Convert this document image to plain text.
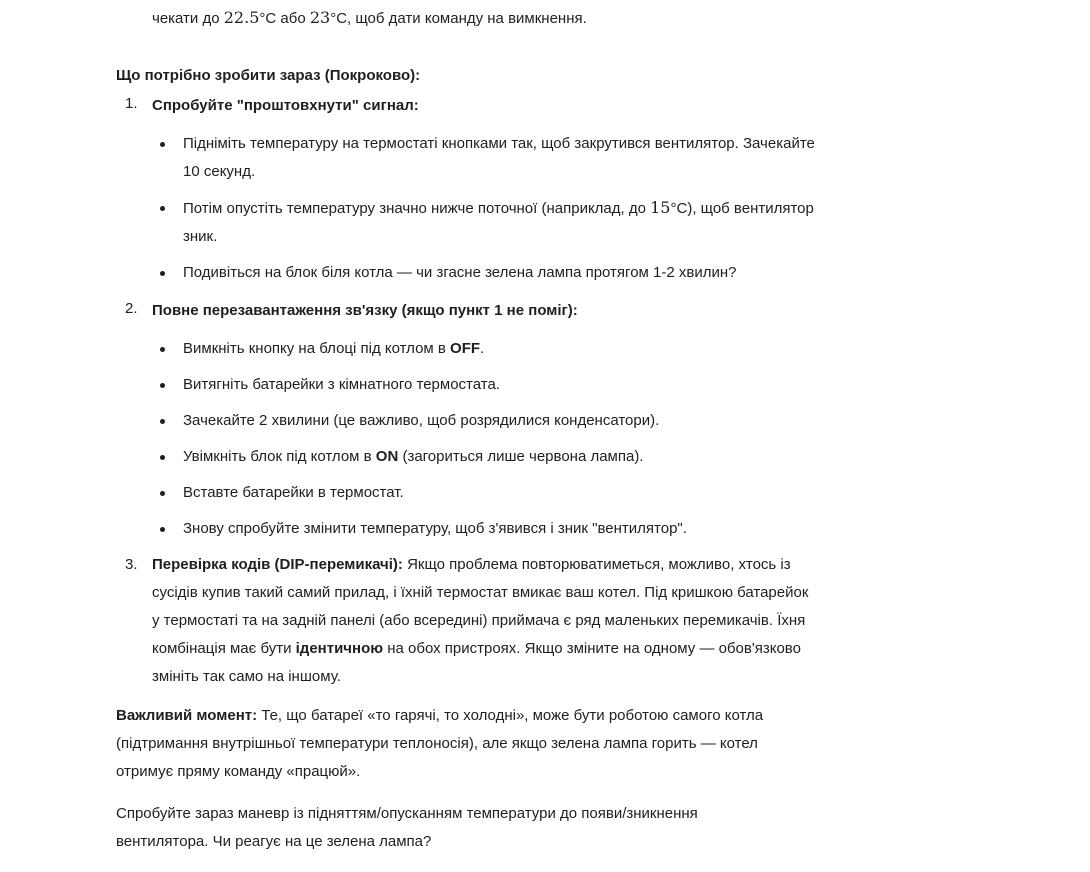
чекати до 22.5°C або 23°C, щоб дати команду на вимкнення.

Що потрібно зробити зараз (Покроково):

1. Спробуйте "проштовхнути" сигнал:
Підніміть температуру на термостаті кнопками так, щоб закрутився вентилятор. Зачекайте 10 секунд.
Потім опустіть температуру значно нижче поточної (наприклад, до 15°C), щоб вентилятор зник.
Подивіться на блок біля котла — чи згасне зелена лампа протягом 1-2 хвилин?
2. Повне перезавантаження зв'язку (якщо пункт 1 не поміг):
Вимкніть кнопку на блоці під котлом в OFF.
Витягніть батарейки з кімнатного термостата.
Зачекайте 2 хвилини (це важливо, щоб розрядилися конденсатори).
Увімкніть блок під котлом в ON (загориться лише червона лампа).
Вставте батарейки в термостат.
Знову спробуйте змінити температуру, щоб з'явився і зник "вентилятор".
3. Перевірка кодів (DIP-перемикачі): Якщо проблема повторюватиметься, можливо, хтось із сусідів купив такий самий прилад, і їхній термостат вмикає ваш котел. Під кришкою батарейок у термостаті та на задній панелі (або всередині) приймача є ряд маленьких перемикачів. Їхня комбінація має бути ідентичною на обох пристроях. Якщо зміните на одному — обов'язково змініть так само на іншому.

Важливий момент: Те, що батареї «то гарячі, то холодні», може бути роботою самого котла (підтримання внутрішньої температури теплоносія), але якщо зелена лампа горить — котел отримує пряму команду «працюй».

Спробуйте зараз маневр із підняттям/опусканням температури до появи/зникнення вентилятора. Чи реагує на це зелена лампа?
